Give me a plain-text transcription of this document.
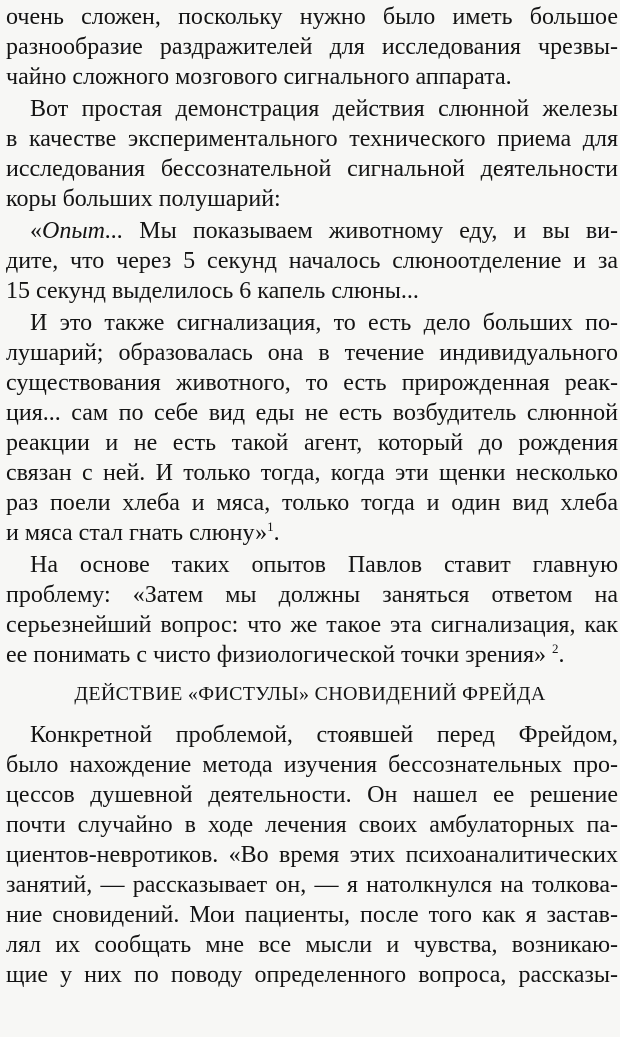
очень сложен, поскольку нужно было иметь большое
разнообразие раздражителей для исследования чрезвы-
чайно сложного мозгового сигнального аппарата.
Вот простая демонстрация действия слюнной железы
в качестве экспериментального технического приема для
исследования бессознательной сигнальной деятельности
коры больших полушарий:
«Опыт... Мы показываем животному еду, и вы ви-
дите, что через 5 секунд началось слюноотделение и за
15 секунд выделилось 6 капель слюны...
И это также сигнализация, то есть дело больших по-
лушарий; образовалась она в течение индивидуального
существования животного, то есть прирожденная реак-
ция... сам по себе вид еды не есть возбудитель слюнной
реакции и не есть такой агент, который до рождения
связан с ней. И только тогда, когда эти щенки несколько
раз поели хлеба и мяса, только тогда и один вид хлеба
и мяса стал гнать слюну»$^1$.
На основе таких опытов Павлов ставит главную
проблему: «Затем мы должны заняться ответом на
серьезнейший вопрос: что же такое эта сигнализация, как
ее понимать с чисто физиологической точки зрения» $^2$.
ДЕЙСТВИЕ «ФИСТУЛЫ» СНОВИДЕНИЙ ФРЕЙДА
Конкретной проблемой, стоявшей перед Фрейдом,
было нахождение метода изучения бессознательных про-
цессов душевной деятельности. Он нашел ее решение
почти случайно в ходе лечения своих амбулаторных па-
циентов-невротиков. «Во время этих психоаналитических
занятий, — рассказывает он, — я натолкнулся на толкова-
ние сновидений. Мои пациенты, после того как я застав-
лял их сообщать мне все мысли и чувства, возникаю-
щие у них по поводу определенного вопроса, рассказы-
